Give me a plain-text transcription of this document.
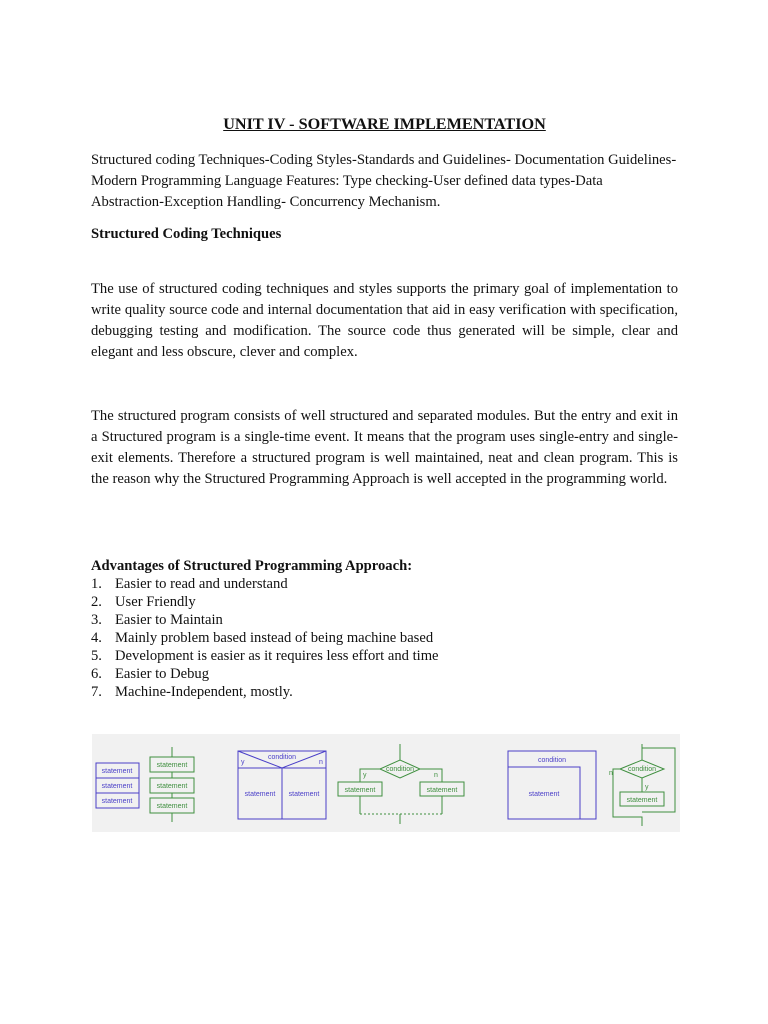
UNIT IV - SOFTWARE IMPLEMENTATION

Structured coding Techniques-Coding Styles-Standards and Guidelines- Documentation Guidelines-Modern Programming Language Features: Type checking-User defined data types-Data Abstraction-Exception Handling- Concurrency Mechanism.

Structured Coding Techniques

The use of structured coding techniques and styles supports the primary goal of implementation to write quality source code and internal documentation that aid in easy verification with specification, debugging testing and modification. The source code thus generated will be simple, clear and elegant and less obscure, clever and complex.

The structured program consists of well structured and separated modules. But the entry and exit in a Structured program is a single-time event. It means that the program uses single-entry and single-exit elements. Therefore a structured program is well maintained, neat and clean program. This is the reason why the Structured Programming Approach is well accepted in the programming world.

Advantages of Structured Programming Approach:

1. Easier to read and understand
2. User Friendly
3. Easier to Maintain
4. Mainly problem based instead of being machine based
5. Development is easier as it requires less effort and time
6. Easier to Debug
7. Machine-Independent, mostly.
statement
statement
statement
statement
statement
statement
condition
y	n
statement statement
condition
y	n
statement	statement
condition
statement
condition
n
y
statement
